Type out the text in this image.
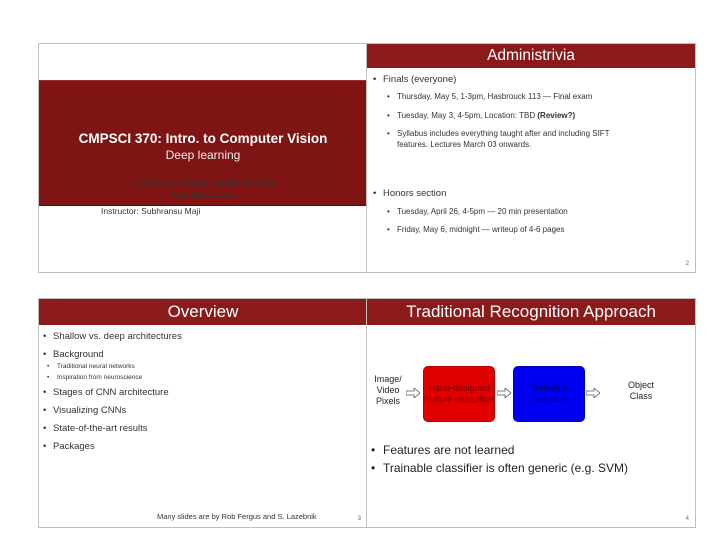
CMPSCI 370: Intro. to Computer Vision
Deep learning
University of Massachusetts, Amherst
April 19/21, 2016
Instructor: Subhransu Maji
Administrivia
• Finals (everyone)
• Thursday, May 5, 1-3pm, Hasbrouck 113 — Final exam
• Tuesday, May 3, 4-5pm, Location: TBD (Review?)
• Syllabus includes everything taught after and including SIFT
features. Lectures March 03 onwards.
• Honors section
• Tuesday, April 26, 4-5pm — 20 min presentation
• Friday, May 6, midnight — writeup of 4-6 pages
2
Overview
• Shallow vs. deep architectures
• Background
• Traditional neural networks
• Inspiration from neuroscience
• Stages of CNN architecture
• Visualizing CNNs
• State-of-the-art results
• Packages
Many slides are by Rob Fergus and S. Lazebnik	3
Traditional Recognition Approach
Image/
Video
Pixels
Hand-designed
feature extraction
Trainable
classifier
Object
Class
• Features are not learned
• Trainable classifier is often generic (e.g. SVM)
4
